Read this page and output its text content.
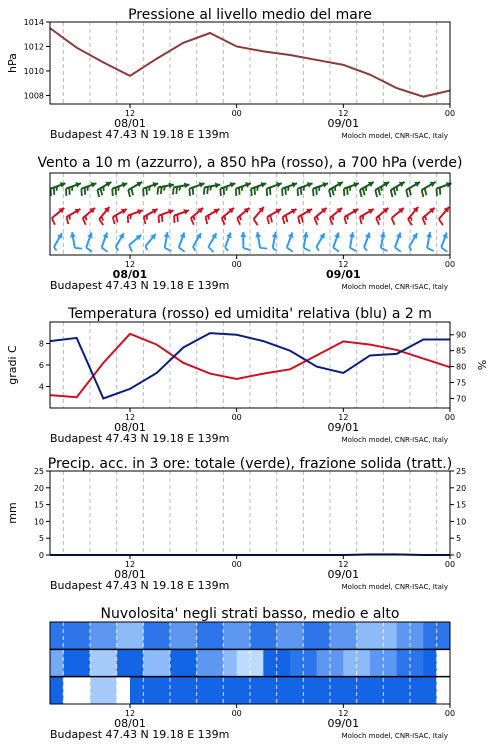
Pressione al livello medio del mare
1014
1012
1010
1008
hPa
12	00	12	00
08/01	09/01
Budapest 47.43 N 19.18 E 139m	Moloch model, CNR-ISAC, Italy
Vento a 10 m (azzurro), a 850 hPa (rosso), a 700 hPa (verde)
12	00	12	00
08/01	09/01
Budapest 47.43 N 19.18 E 139m	Moloch model, CNR-ISAC, Italy
Temperatura (rosso) ed umidita' relativa (blu) a 2 m
8
6
4
90
85
80
75
70
gradi C	%
12	00	12	00
08/01	09/01
Budapest 47.43 N 19.18 E 139m	Moloch model, CNR-ISAC, Italy
Precip. acc. in 3 ore: totale (verde), frazione solida (tratt.)
25	25
20	20
15	15
10	10
5	5
0	0
mm
12	00	12	00
08/01	09/01
Budapest 47.43 N 19.18 E 139m	Moloch model, CNR-ISAC, Italy
Nuvolosita' negli strati basso, medio e alto
12	00	12	00
08/01	09/01
Budapest 47.43 N 19.18 E 139m	Moloch model, CNR-ISAC, Italy
